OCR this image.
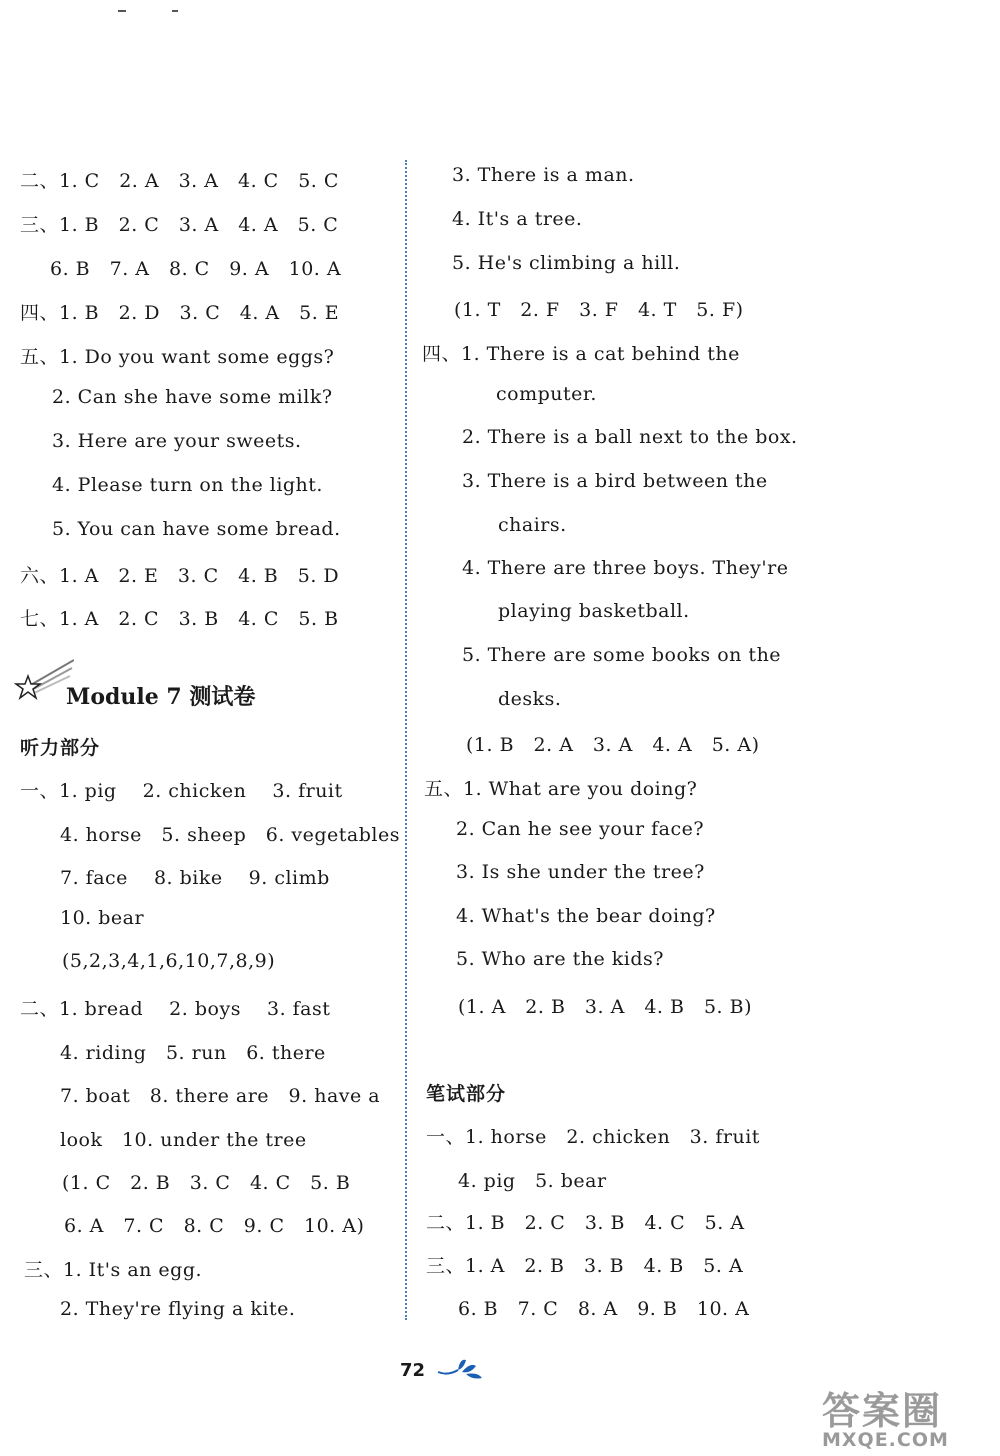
二、1. C　2. A　3. A　4. C　5. C
三、1. B　2. C　3. A　4. A　5. C
6. B　7. A　8. C　9. A　10. A
四、1. B　2. D　3. C　4. A　5. E
五、1. Do you want some eggs?
2. Can she have some milk?
3. Here are your sweets.
4. Please turn on the light.
5. You can have some bread.
六、1. A　2. E　3. C　4. B　5. D
七、1. A　2. C　3. B　4. C　5. B
一、1. pig　 2. chicken　 3. fruit
4. horse　5. sheep　6. vegetables
7. face　 8. bike　 9. climb
10. bear
(5,2,3,4,1,6,10,7,8,9)
二、1. bread　 2. boys　 3. fast
4. riding　5. run　6. there
7. boat　8. there are　9. have a
look　10. under the tree
(1. C　2. B　3. C　4. C　5. B
6. A　7. C　8. C　9. C　10. A)
三、1. It's an egg.
2. They're flying a kite.
3. There is a man.
4. It's a tree.
5. He's climbing a hill.
(1. T　2. F　3. F　4. T　5. F)
四、1. There is a cat behind the
computer.
2. There is a ball next to the box.
3. There is a bird between the
chairs.
4. There are three boys. They're
playing basketball.
5. There are some books on the
desks.
(1. B　2. A　3. A　4. A　5. A)
五、1. What are you doing?
2. Can he see your face?
3. Is she under the tree?
4. What's the bear doing?
5. Who are the kids?
(1. A　2. B　3. A　4. B　5. B)
一、1. horse　2. chicken　3. fruit
4. pig　5. bear
二、1. B　2. C　3. B　4. C　5. A
三、1. A　2. B　3. B　4. B　5. A
6. B　7. C　8. A　9. B　10. A
Module 7 测试卷
听力部分
笔试部分
72
答案圈
MXQE.COM
